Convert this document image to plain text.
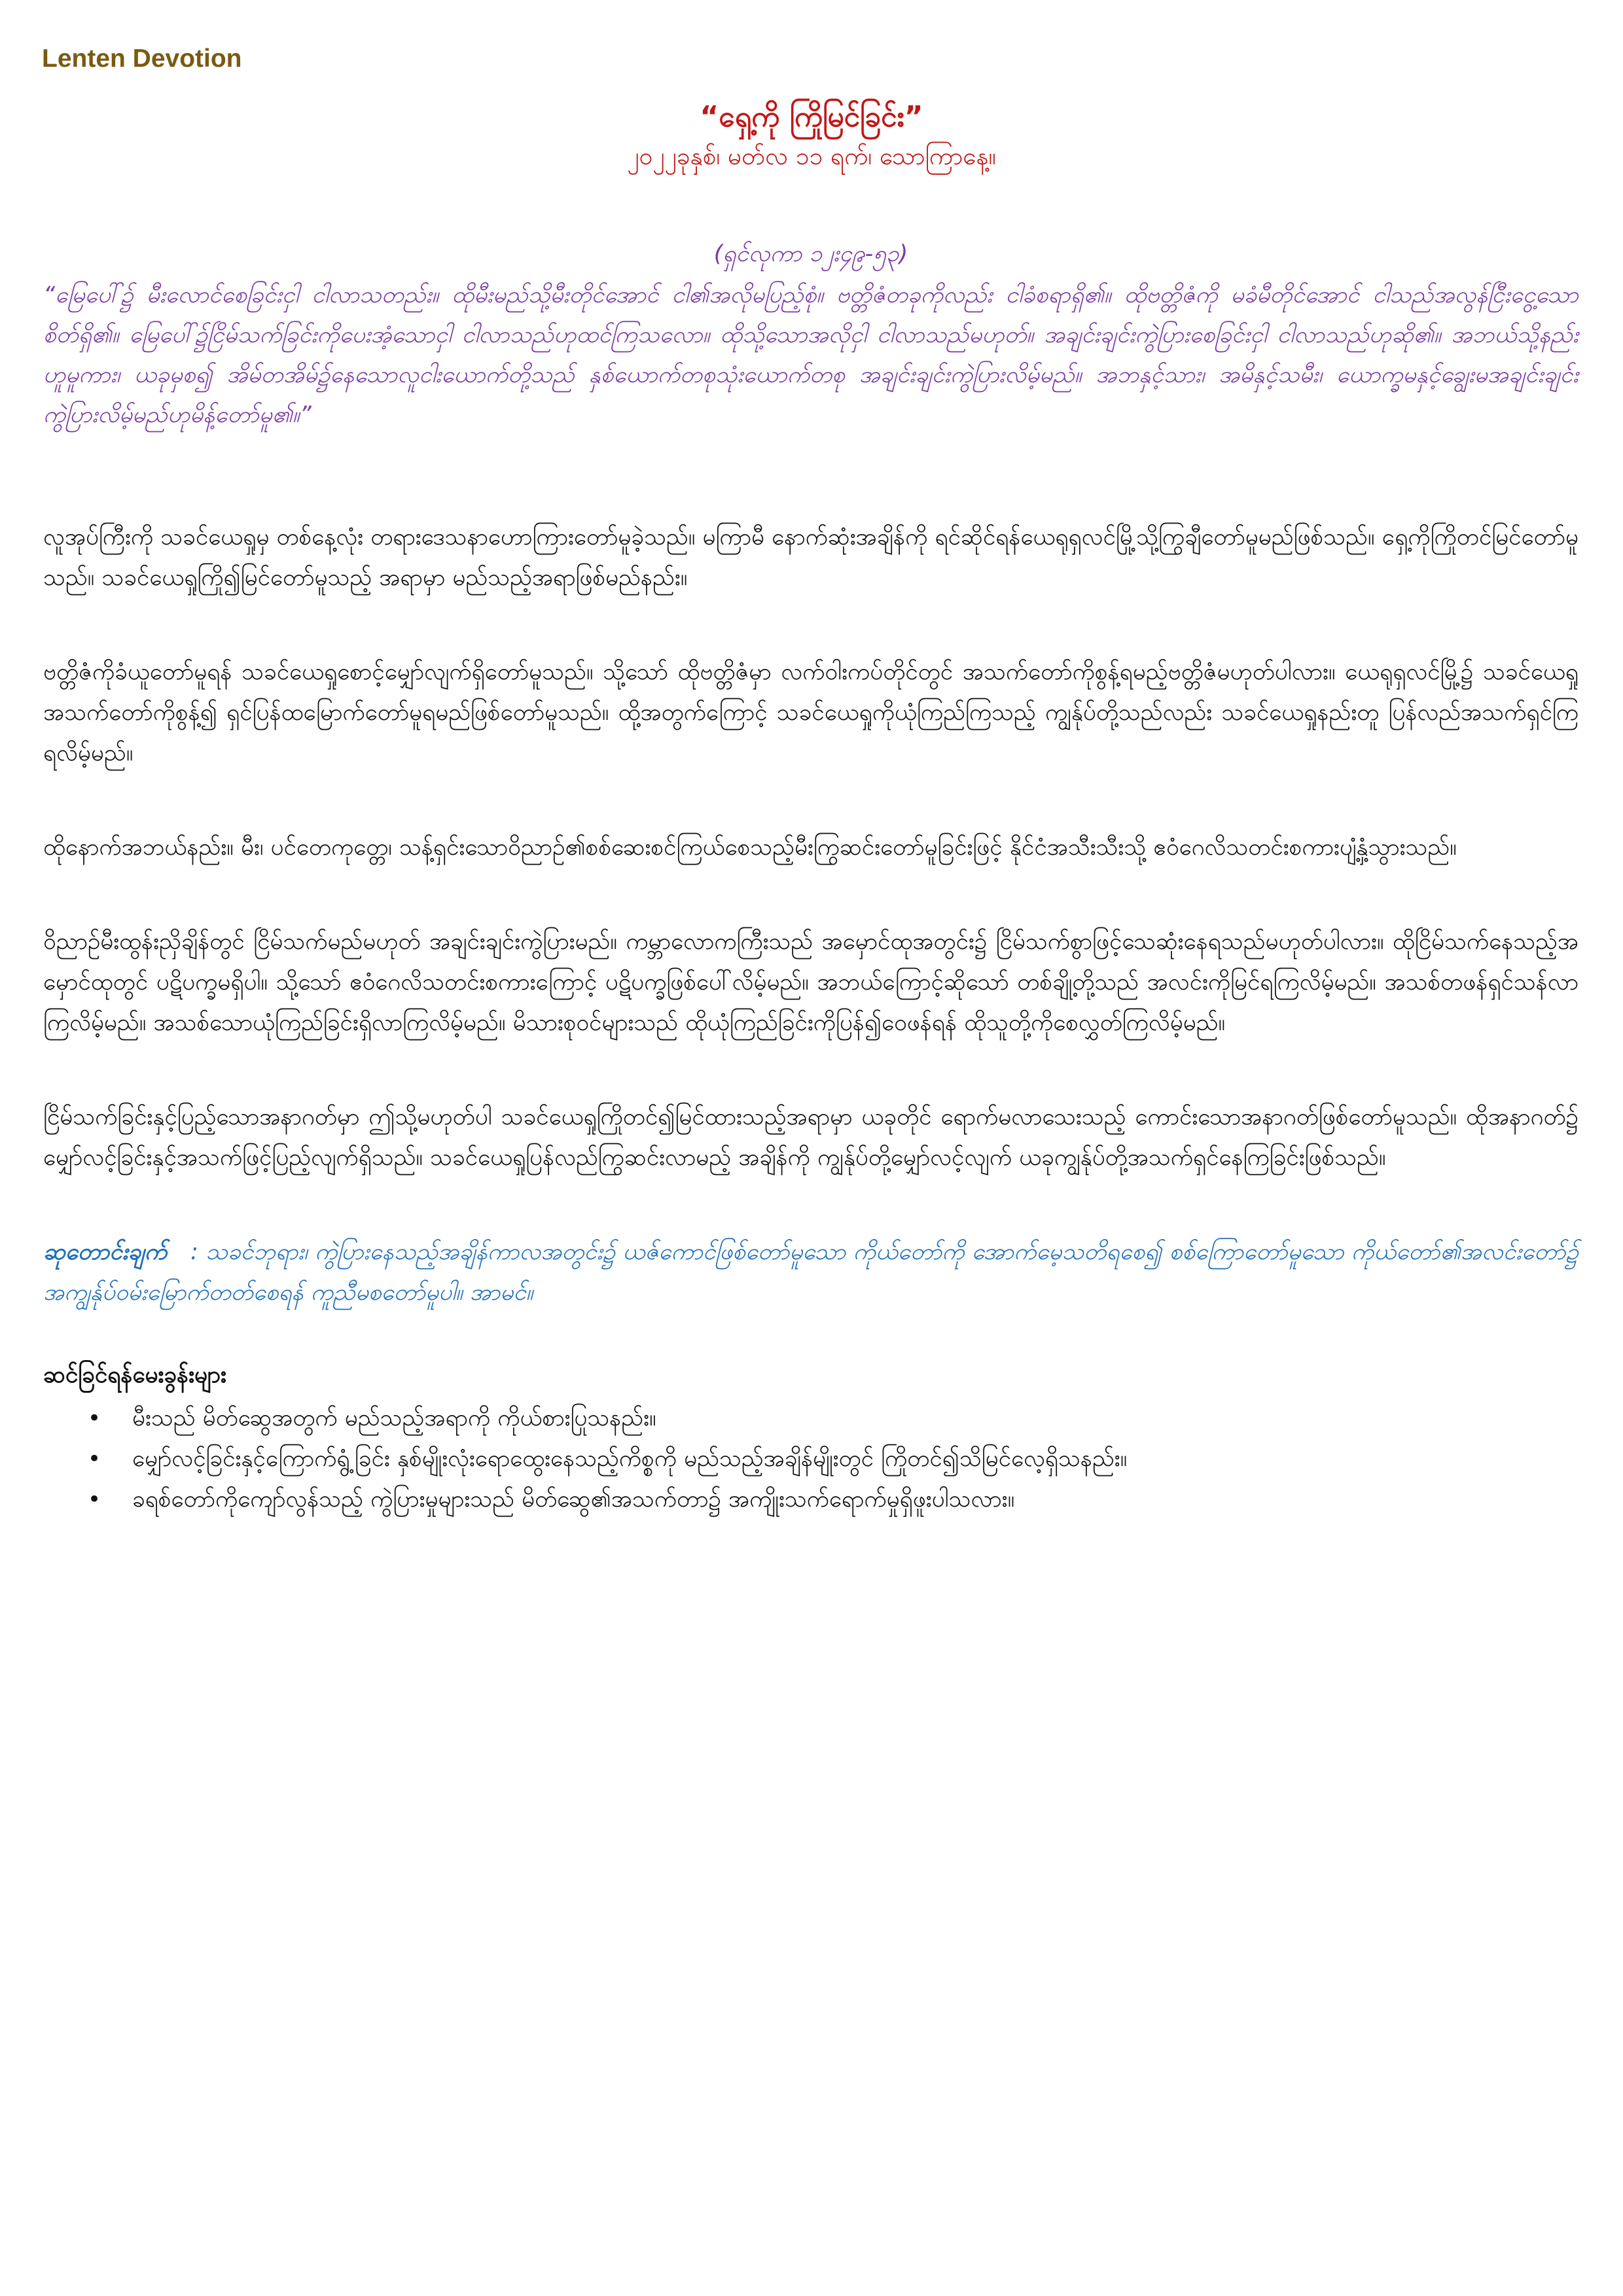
Lenten Devotion
“ရှေ့ကို ကြိုမြင်ခြင်း”
၂၀၂၂ခုနှစ်၊ မတ်လ ၁၁ ရက်၊ သောကြာနေ့။
(ရှင်လုကာ ၁၂း၄၉-၅၃)
“မြေပေါ်၌ မီးလောင်စေခြင်းငှါ ငါလာသတည်း။ ထိုမီးမည်သို့မီးတိုင်အောင် ငါ၏အလိုမပြည့်စုံ။ ဗတ္တိဇံတခုကိုလည်း ငါခံစရာရှိ၏။ ထိုဗတ္တိဇံကို မခံမီတိုင်အောင် ငါသည်အလွန်ငြီးငွေ့သောစိတ်ရှိ၏။ မြေပေါ်၌ငြိမ်သက်ခြင်းကိုပေးအံ့သောငှါ ငါလာသည်ဟုထင်ကြသလော။ ထိုသို့သောအလိုငှါ ငါလာသည်မဟုတ်။ အချင်းချင်းကွဲပြားစေခြင်းငှါ ငါလာသည်ဟုဆို၏။ အဘယ်သို့နည်းဟူမူကား၊ ယခုမှစ၍ အိမ်တအိမ်၌နေသောလူငါးယောက်တို့သည် နှစ်ယောက်တစုသုံးယောက်တစု အချင်းချင်းကွဲပြားလိမ့်မည်။ အဘနှင့်သား၊ အမိနှင့်သမီး၊ ယောက္ခမနှင့်ချွေးမအချင်းချင်းကွဲပြားလိမ့်မည်ဟုမိန့်တော်မူ၏။”

လူအုပ်ကြီးကို သခင်ယေရှုမှ တစ်နေ့လုံး တရားဒေသနာဟောကြားတော်မူခဲ့သည်။ မကြာမီ နောက်ဆုံးအချိန်ကို ရင်ဆိုင်ရန်ယေရုရှလင်မြို့သို့ကြွချီတော်မူမည်ဖြစ်သည်။ ရှေ့ကိုကြိုတင်မြင်တော်မူသည်။ သခင်ယေရှုကြို၍မြင်တော်မူသည့် အရာမှာ မည်သည့်အရာဖြစ်မည်နည်း။

ဗတ္တိဇံကိုခံယူတော်မူရန် သခင်ယေရှုစောင့်မျှော်လျက်ရှိတော်မူသည်။ သို့သော် ထိုဗတ္တိဇံမှာ လက်ဝါးကပ်တိုင်တွင် အသက်တော်ကိုစွန့်ရမည့်ဗတ္တိဇံမဟုတ်ပါလား။ ယေရုရှလင်မြို့၌ သခင်ယေရှုအသက်တော်ကိုစွန့်၍ ရှင်ပြန်ထမြောက်တော်မူရမည်ဖြစ်တော်မူသည်။ ထို့အတွက်ကြောင့် သခင်ယေရှုကိုယုံကြည်ကြသည့် ကျွန်ုပ်တို့သည်လည်း သခင်ယေရှုနည်းတူ ပြန်လည်အသက်ရှင်ကြရလိမ့်မည်။

ထိုနောက်အဘယ်နည်း။ မီး၊ ပင်တေကုတ္တေ၊ သန့်ရှင်းသောဝိညာဉ်၏စစ်ဆေးစင်ကြယ်စေသည့်မီးကြွဆင်းတော်မူခြင်းဖြင့် နိုင်ငံအသီးသီးသို့ ဧဝံဂေလိသတင်းစကားပျံ့နှံ့သွားသည်။

ဝိညာဉ်မီးထွန်းညှိချိန်တွင် ငြိမ်သက်မည်မဟုတ် အချင်းချင်းကွဲပြားမည်။ ကမ္ဘာလောကကြီးသည် အမှောင်ထုအတွင်း၌ ငြိမ်သက်စွာဖြင့်သေဆုံးနေရသည်မဟုတ်ပါလား။ ထိုငြိမ်သက်နေသည့်အမှောင်ထုတွင် ပဋိပက္ခမရှိပါ။ သို့သော် ဧဝံဂေလိသတင်းစကားကြောင့် ပဋိပက္ခဖြစ်ပေါ်လိမ့်မည်။ အဘယ်ကြောင့်ဆိုသော် တစ်ချို့တို့သည် အလင်းကိုမြင်ရကြလိမ့်မည်။ အသစ်တဖန်ရှင်သန်လာကြလိမ့်မည်။ အသစ်သောယုံကြည်ခြင်းရှိလာကြလိမ့်မည်။ မိသားစုဝင်များသည် ထိုယုံကြည်ခြင်းကိုပြန်၍ဝေဖန်ရန် ထိုသူတို့ကိုစေလွှတ်ကြလိမ့်မည်။

ငြိမ်သက်ခြင်းနှင့်ပြည့်သောအနာဂတ်မှာ ဤသို့မဟုတ်ပါ သခင်ယေရှုကြိုတင်၍မြင်ထားသည့်အရာမှာ ယခုတိုင် ရောက်မလာသေးသည့် ကောင်းသောအနာဂတ်ဖြစ်တော်မူသည်။ ထိုအနာဂတ်၌ မျှော်လင့်ခြင်းနှင့်အသက်ဖြင့်ပြည့်လျက်ရှိသည်။ သခင်ယေရှုပြန်လည်ကြွဆင်းလာမည့် အချိန်ကို ကျွန်ုပ်တို့မျှော်လင့်လျက် ယခုကျွန်ုပ်တို့အသက်ရှင်နေကြခြင်းဖြစ်သည်။

ဆုတောင်းချက် : သခင်ဘုရား၊ ကွဲပြားနေသည့်အချိန်ကာလအတွင်း၌ ယဇ်ကောင်ဖြစ်တော်မူသော ကိုယ်တော်ကို အောက်မေ့သတိရစေ၍ စစ်ကြောတော်မူသော ကိုယ်တော်၏အလင်းတော်၌ အကျွန်ုပ်ဝမ်းမြောက်တတ်စေရန် ကူညီမစတော်မူပါ။ အာမင်။
ဆင်ခြင်ရန်မေးခွန်းများ
• မီးသည် မိတ်ဆွေအတွက် မည်သည့်အရာကို ကိုယ်စားပြုသနည်း။
• မျှော်လင့်ခြင်းနှင့်ကြောက်ရွံ့ခြင်း နှစ်မျိုးလုံးရောထွေးနေသည့်ကိစ္စကို မည်သည့်အချိန်မျိုးတွင် ကြိုတင်၍သိမြင်လေ့ရှိသနည်း။
• ခရစ်တော်ကိုကျော်လွန်သည့် ကွဲပြားမှုများသည် မိတ်ဆွေ၏အသက်တာ၌ အကျိုးသက်ရောက်မှုရှိဖူးပါသလား။
